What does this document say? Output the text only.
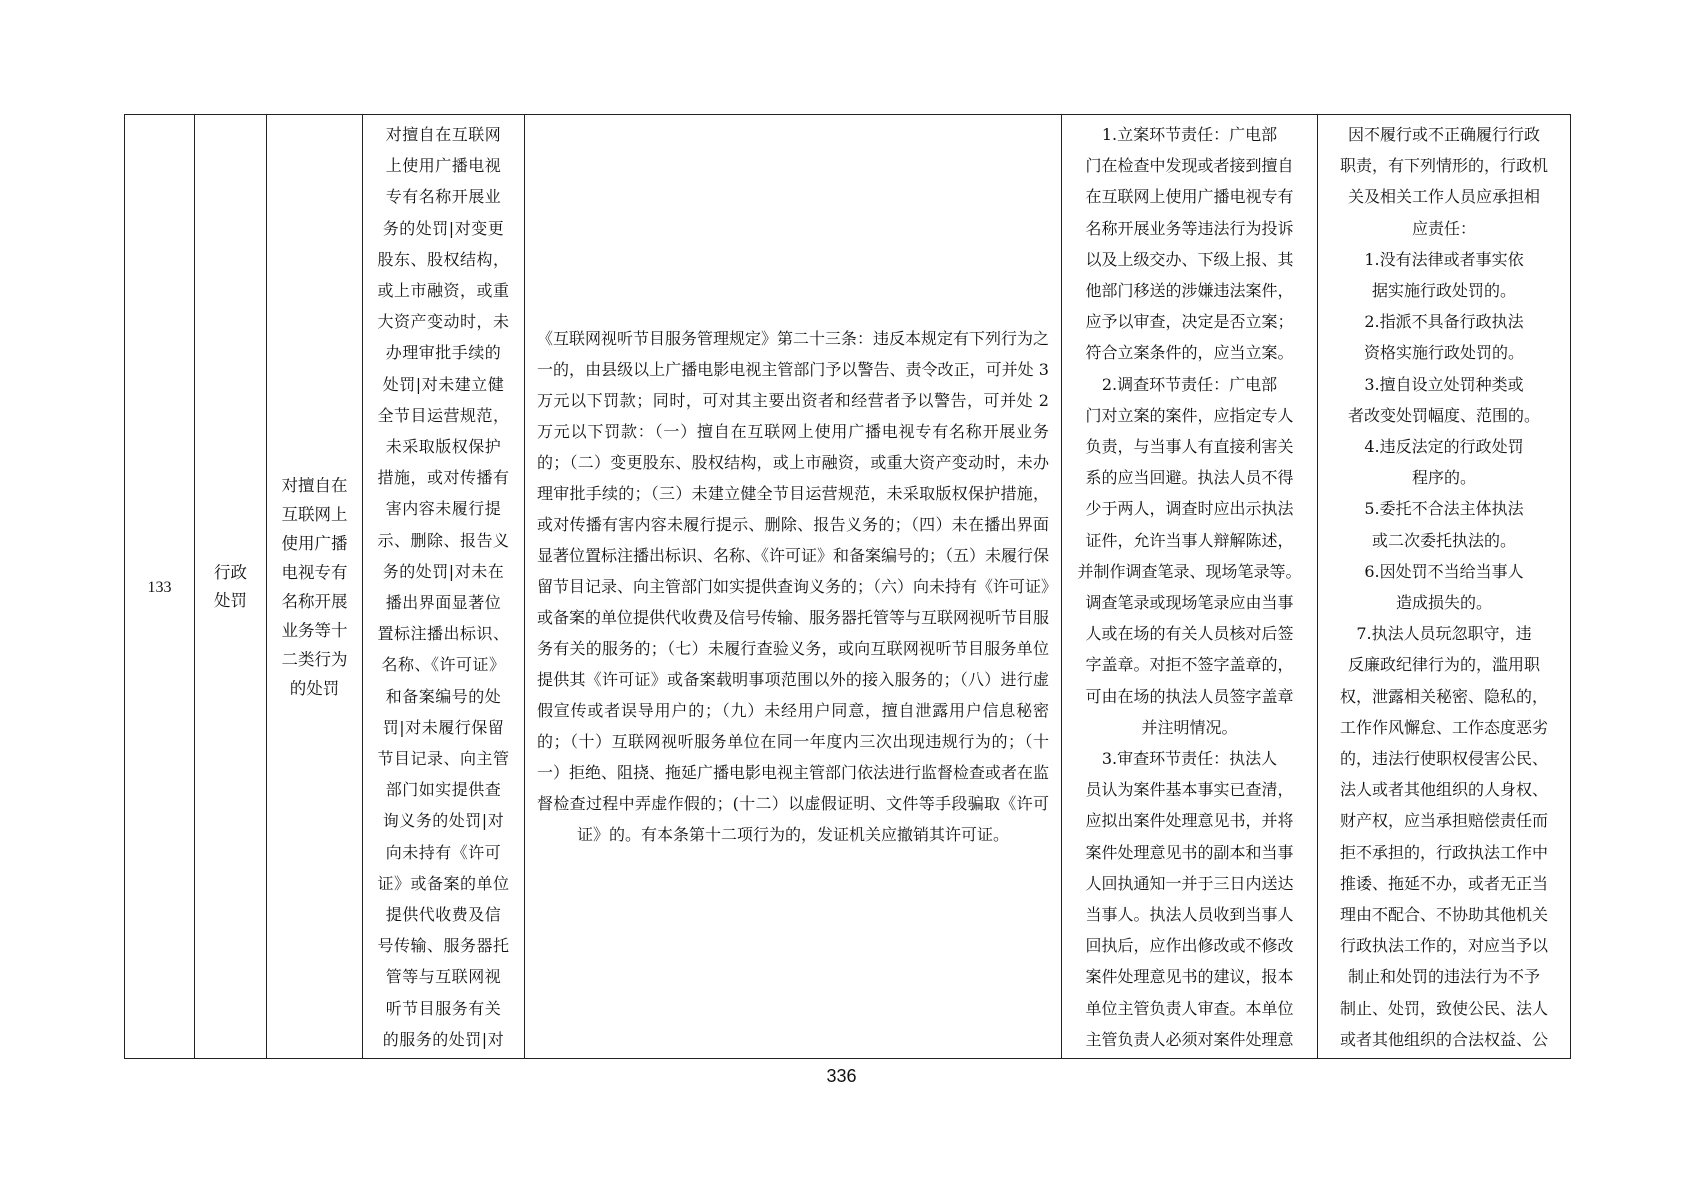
133	
行政
处罚

对擅自在
互联网上
使用广播
电视专有
名称开展
业务等十
二类行为
的处罚

对擅自在互联网
上使用广播电视
专有名称开展业
务的处罚|对变更
股东、股权结构，
或上市融资，或重
大资产变动时，未
办理审批手续的
处罚|对未建立健
全节目运营规范，
未采取版权保护
措施，或对传播有
害内容未履行提
示、删除、报告义
务的处罚|对未在
播出界面显著位
置标注播出标识、
名称、《许可证》
和备案编号的处
罚|对未履行保留
节目记录、向主管
部门如实提供查
询义务的处罚|对
向未持有《许可
证》或备案的单位
提供代收费及信
号传输、服务器托
管等与互联网视
听节目服务有关
的服务的处罚|对

《互联网视听节目服务管理规定》第二十三条：违反本规定有下列行为之一的，由县级以上广播电影电视主管部门予以警告、责令改正，可并处 3 万元以下罚款；同时，可对其主要出资者和经营者予以警告，可并处 2 万元以下罚款：（一）擅自在互联网上使用广播电视专有名称开展业务的；（二）变更股东、股权结构，或上市融资，或重大资产变动时，未办理审批手续的；（三）未建立健全节目运营规范，未采取版权保护措施，或对传播有害内容未履行提示、删除、报告义务的；（四）未在播出界面显著位置标注播出标识、名称、《许可证》和备案编号的；（五）未履行保留节目记录、向主管部门如实提供查询义务的；（六）向未持有《许可证》或备案的单位提供代收费及信号传输、服务器托管等与互联网视听节目服务有关的服务的；（七）未履行查验义务，或向互联网视听节目服务单位提供其《许可证》或备案载明事项范围以外的接入服务的；（八）进行虚假宣传或者误导用户的；（九）未经用户同意，擅自泄露用户信息秘密的；（十）互联网视听服务单位在同一年度内三次出现违规行为的；（十一）拒绝、阻挠、拖延广播电影电视主管部门依法进行监督检查或者在监督检查过程中弄虚作假的；(十二）以虚假证明、文件等手段骗取《许可证》的。有本条第十二项行为的，发证机关应撤销其许可证。

1.立案环节责任：广电部
门在检查中发现或者接到擅自
在互联网上使用广播电视专有
名称开展业务等违法行为投诉
以及上级交办、下级上报、其
他部门移送的涉嫌违法案件，
应予以审查，决定是否立案；
符合立案条件的，应当立案。
2.调查环节责任：广电部
门对立案的案件，应指定专人
负责，与当事人有直接利害关
系的应当回避。执法人员不得
少于两人，调查时应出示执法
证件，允许当事人辩解陈述，
并制作调查笔录、现场笔录等。
调查笔录或现场笔录应由当事
人或在场的有关人员核对后签
字盖章。对拒不签字盖章的，
可由在场的执法人员签字盖章
并注明情况。
3.审查环节责任：执法人
员认为案件基本事实已查清，
应拟出案件处理意见书，并将
案件处理意见书的副本和当事
人回执通知一并于三日内送达
当事人。执法人员收到当事人
回执后，应作出修改或不修改
案件处理意见书的建议，报本
单位主管负责人审查。本单位
主管负责人必须对案件处理意

因不履行或不正确履行行政
职责，有下列情形的，行政机
关及相关工作人员应承担相
应责任：
1.没有法律或者事实依
据实施行政处罚的。
2.指派不具备行政执法
资格实施行政处罚的。
3.擅自设立处罚种类或
者改变处罚幅度、范围的。
4.违反法定的行政处罚
程序的。
5.委托不合法主体执法
或二次委托执法的。
6.因处罚不当给当事人
造成损失的。
7.执法人员玩忽职守，违
反廉政纪律行为的，滥用职
权，泄露相关秘密、隐私的，
工作作风懈怠、工作态度恶劣
的，违法行使职权侵害公民、
法人或者其他组织的人身权、
财产权，应当承担赔偿责任而
拒不承担的，行政执法工作中
推诿、拖延不办，或者无正当
理由不配合、不协助其他机关
行政执法工作的，对应当予以
制止和处罚的违法行为不予
制止、处罚，致使公民、法人
或者其他组织的合法权益、公
336
